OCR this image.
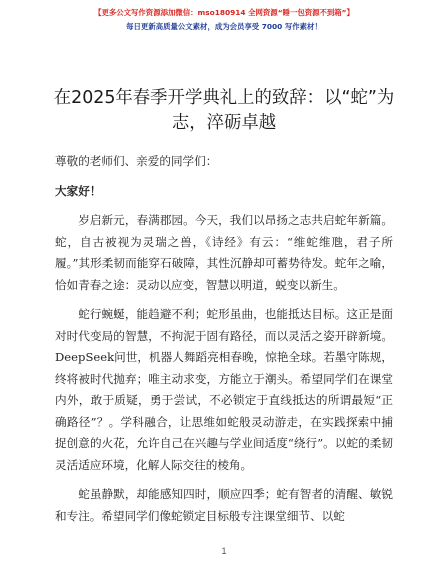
【更多公文写作资源添加微信：mso180914 全网资源“睡一包资源不到箱”】
每日更新高质量公文素材，成为会员享受 7000 写作素材！
在2025年春季开学典礼上的致辞：以“蛇”为志，淬砺卓越

尊敬的老师们、亲爱的同学们：

大家好！

岁启新元，春满郡园。今天，我们以昂扬之志共启蛇年新篇。蛇，自古被视为灵瑞之兽，《诗经》有云：“维蛇维虺，君子所履。”其形柔韧而能穿石破障，其性沉静却可蓄势待发。蛇年之喻，恰如青春之途：灵动以应变，智慧以明道，蜕变以新生。

蛇行蜿蜒，能趋避不利；蛇形虽曲，也能抵达目标。这正是面对时代变局的智慧，不拘泥于固有路径，而以灵活之姿开辟新境。DeepSeek问世，机器人舞蹈亮相春晚，惊艳全球。若墨守陈规，终将被时代抛弃；唯主动求变，方能立于潮头。希望同学们在课堂内外，敢于质疑，勇于尝试，不必锁定于直线抵达的所谓最短“正确路径”？。学科融合，让思维如蛇般灵动游走，在实践探索中捕捉创意的火花，允许自己在兴趣与学业间适度“绕行”。以蛇的柔韧灵活适应环境，化解人际交往的棱角。

蛇虽静默，却能感知四时，顺应四季；蛇有智者的清醒、敏锐和专注。希望同学们像蛇锁定目标般专注课堂细节、以蛇

1
